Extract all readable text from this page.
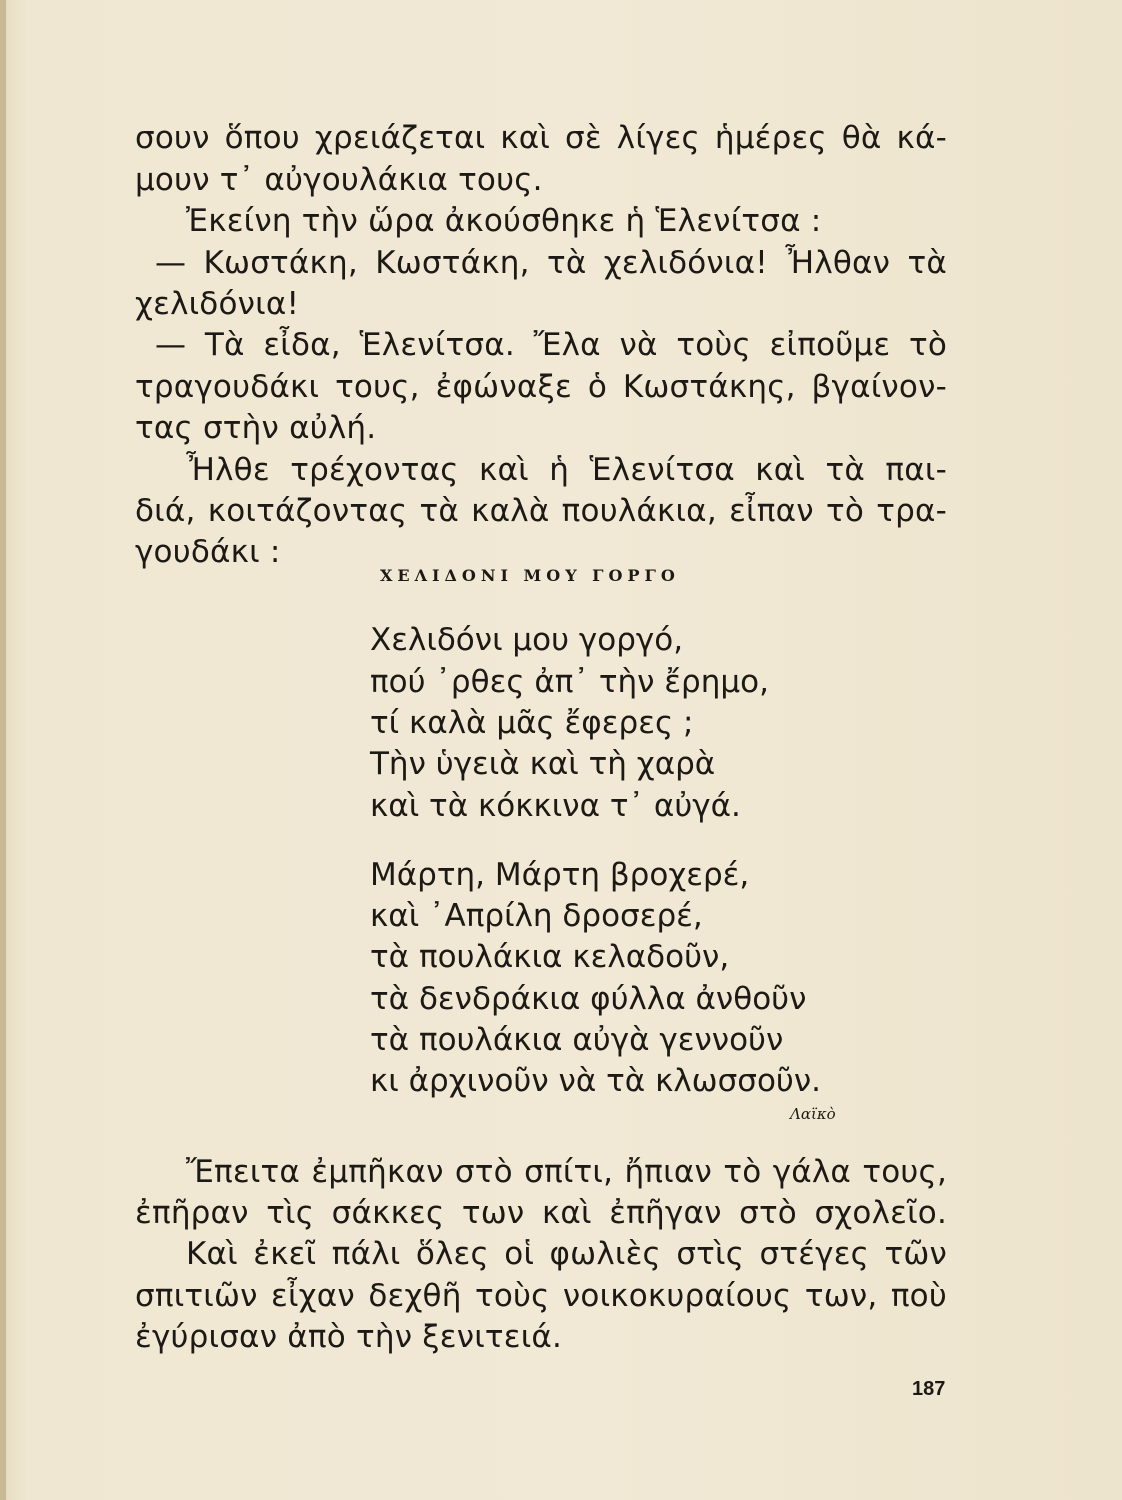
σουν ὅπου χρειάζεται καὶ σὲ λίγες ἡμέρες θὰ κά-
μουν τ᾽ αὐγουλάκια τους.
Ἐκείνη τὴν ὥρα ἀκούσθηκε ἡ Ἑλενίτσα :
— Κωστάκη, Κωστάκη, τὰ χελιδόνια! Ἦλθαν τὰ
χελιδόνια!
— Τὰ εἶδα, Ἑλενίτσα. Ἔλα νὰ τοὺς εἰποῦμε τὸ
τραγουδάκι τους, ἐφώναξε ὁ Κωστάκης, βγαίνον-
τας στὴν αὐλή.
Ἦλθε τρέχοντας καὶ ἡ Ἑλενίτσα καὶ τὰ παι-
διά, κοιτάζοντας τὰ καλὰ πουλάκια, εἶπαν τὸ τρα-
γουδάκι :
ΧΕΛΙΔΟΝΙ ΜΟΥ ΓΟΡΓΟ
Χελιδόνι μου γοργό,
πού ᾽ρθες ἀπ᾽ τὴν ἔρημο,
τί καλὰ μᾶς ἔφερες ;
Τὴν ὑγειὰ καὶ τὴ χαρὰ
καὶ τὰ κόκκινα τ᾽ αὐγά.
Μάρτη, Μάρτη βροχερέ,
καὶ ᾽Απρίλη δροσερέ,
τὰ πουλάκια κελαδοῦν,
τὰ δενδράκια φύλλα ἀνθοῦν
τὰ πουλάκια αὐγὰ γεννοῦν
κι ἀρχινοῦν νὰ τὰ κλωσσοῦν.
Λαϊκὸ
Ἔπειτα ἐμπῆκαν στὸ σπίτι, ἤπιαν τὸ γάλα τους,
ἐπῆραν τὶς σάκκες των καὶ ἐπῆγαν στὸ σχολεῖο.
Καὶ ἐκεῖ πάλι ὅλες οἱ φωλιὲς στὶς στέγες τῶν
σπιτιῶν εἶχαν δεχθῆ τοὺς νοικοκυραίους των, ποὺ
ἐγύρισαν ἀπὸ τὴν ξενιτειά.
187
